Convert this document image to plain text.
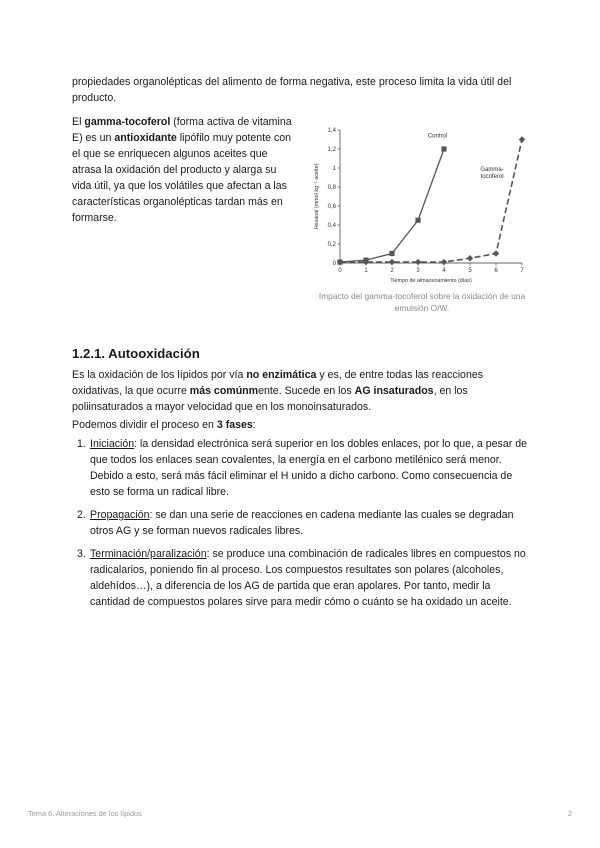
propiedades organolépticas del alimento de forma negativa, este proceso limita la vida útil del producto.

El gamma-tocoferol (forma activa de vitamina E) es un antioxidante lipófilo muy potente con el que se enriquecen algunos aceites que atrasa la oxidación del producto y alarga su vida útil, ya que los volátiles que afectan a las características organolépticas tardan más en formarse.

0	1	2	3	4	5	6	7
0
0,2
0,4
0,6
0,8
1
1,2
1,4
Tiempo de almacenamiento (días)
Hexanal (mmol kg⁻¹ aceite)
Control
Gamma-tocoferol

Impacto del gamma-tocoferol sobre la oxidación de una emulsión O/W.

1.2.1. Autooxidación

Es la oxidación de los lípidos por vía no enzimática y es, de entre todas las reacciones oxidativas, la que ocurre más comúnmente. Sucede en los AG insaturados, en los poliinsaturados a mayor velocidad que en los monoinsaturados.

Podemos dividir el proceso en 3 fases:

1. Iniciación: la densidad electrónica será superior en los dobles enlaces, por lo que, a pesar de que todos los enlaces sean covalentes, la energía en el carbono metilénico será menor. Debido a esto, será más fácil eliminar el H unido a dicho carbono. Como consecuencia de esto se forma un radical libre.
2. Propagación: se dan una serie de reacciones en cadena mediante las cuales se degradan otros AG y se forman nuevos radicales libres.
3. Terminación/paralización: se produce una combinación de radicales libres en compuestos no radicalarios, poniendo fin al proceso. Los compuestos resultates son polares (alcoholes, aldehídos…), a diferencia de los AG de partida que eran apolares. Por tanto, medir la cantidad de compuestos polares sirve para medir cómo o cuánto se ha oxidado un aceite.
Tema 6. Alteraciones de los lípidos	2
